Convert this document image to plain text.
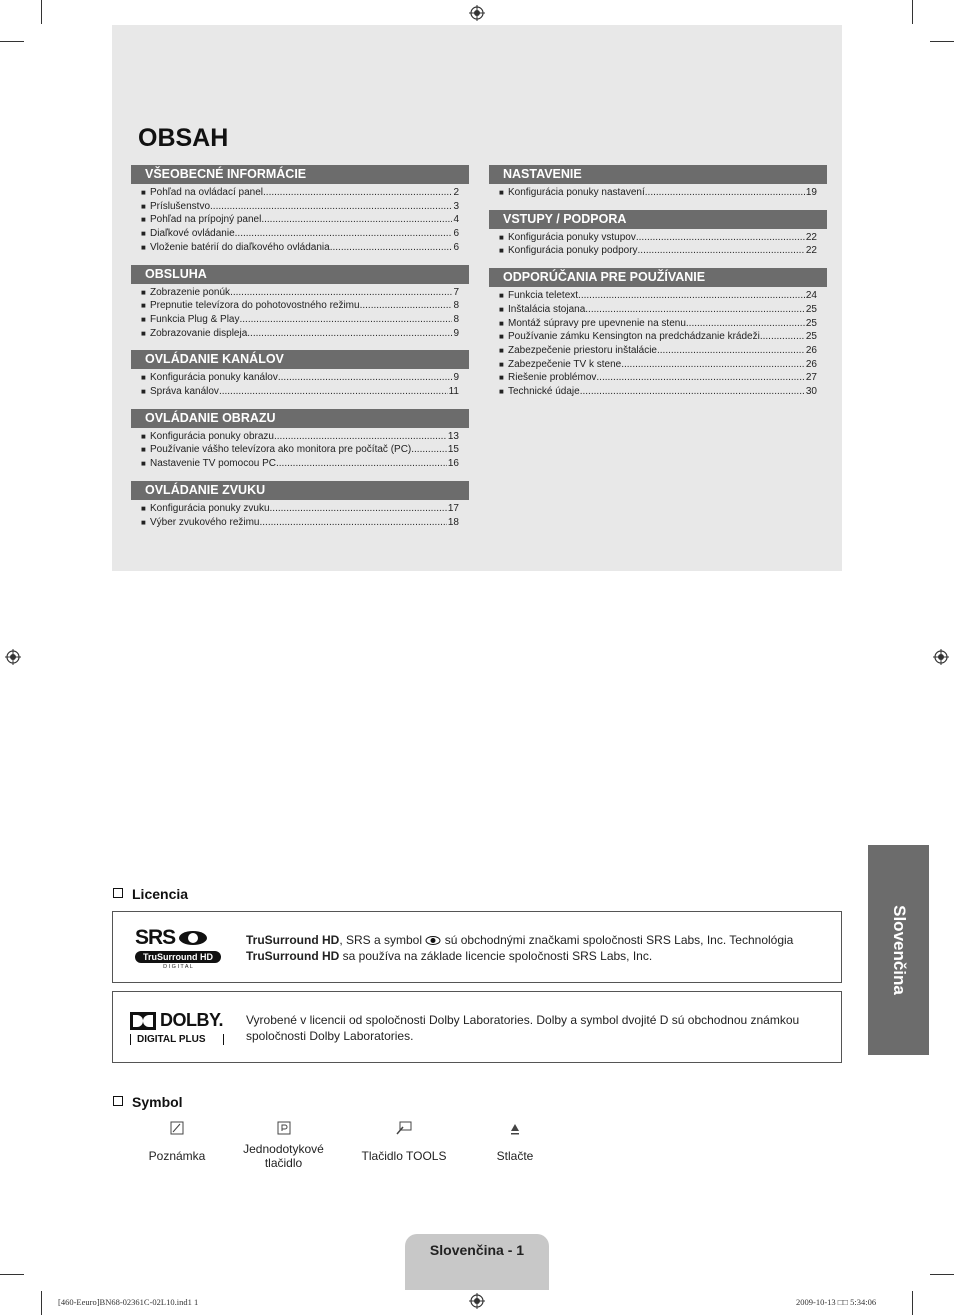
OBSAH
VŠEOBECNÉ INFORMÁCIE
■ Pohľad na ovládací panel .....	2
■ Príslušenstvo .....	3
■ Pohľad na prípojný panel .....	4
■ Diaľkové ovládanie .....	6
■ Vloženie batérií do diaľkového ovládania .....	6
OBSLUHA
■ Zobrazenie ponúk .....	7
■ Prepnutie televízora do pohotovostného režimu .....	8
■ Funkcia Plug & Play .....	8
■ Zobrazovanie displeja .....	9
OVLÁDANIE KANÁLOV
■ Konfigurácia ponuky kanálov .....	9
■ Správa kanálov .....	11
OVLÁDANIE OBRAZU
■ Konfigurácia ponuky obrazu .....	13
■ Používanie vášho televízora ako monitora pre počítač (PC) .....	15
■ Nastavenie TV pomocou PC .....	16
OVLÁDANIE ZVUKU
■ Konfigurácia ponuky zvuku .....	17
■ Výber zvukového režimu .....	18
NASTAVENIE
■ Konfigurácia ponuky nastavení .....	19
VSTUPY / PODPORA
■ Konfigurácia ponuky vstupov .....	22
■ Konfigurácia ponuky podpory .....	22
ODPORÚČANIA PRE POUŽÍVANIE
■ Funkcia teletext .....	24
■ Inštalácia stojana .....	25
■ Montáž súpravy pre upevnenie na stenu .....	25
■ Používanie zámku Kensington na predchádzanie krádeži .....	25
■ Zabezpečenie priestoru inštalácie .....	26
■ Zabezpečenie TV k stene .....	26
■ Riešenie problémov .....	27
■ Technické údaje .....	30
Slovenčina
Licencia
SRS
TruSurround HD
D I G I T A L
TruSurround HD, SRS a symbol  sú obchodnými značkami spoločnosti SRS Labs, Inc. Technológia
TruSurround HD sa používa na základe licencie spoločnosti SRS Labs, Inc.
DOLBY.
DIGITAL PLUS
Vyrobené v licencii od spoločnosti Dolby Laboratories. Dolby a symbol dvojité D sú obchodnou známkou
spoločnosti Dolby Laboratories.
Symbol
Poznámka	Jednodotykové tlačidlo	Tlačidlo TOOLS	Stlačte
Slovenčina - 1
[460-Eeuro]BN68-02361C-02L10.ind1 1	2009-10-13 □□ 5:34:06
